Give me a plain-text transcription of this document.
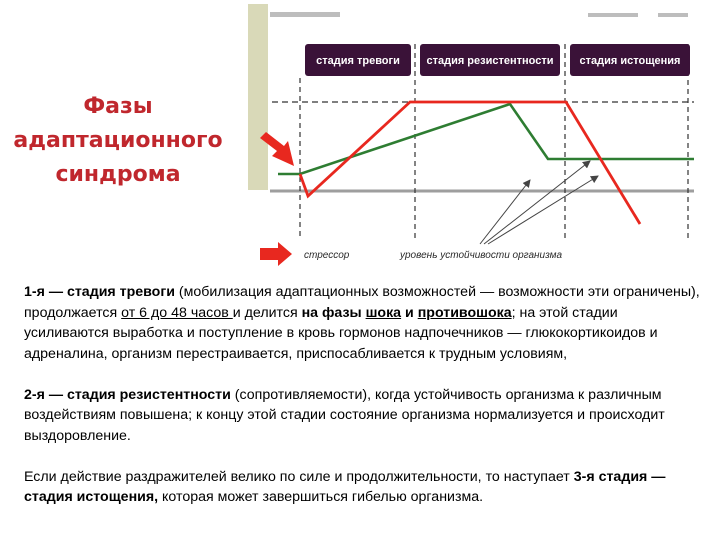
Фазы
адаптационного
синдрома
стадия тревоги стадия резистентности стадия истощения
стрессор	уровень устойчивости организма

1-я — стадия тревоги (мобилизация адаптационных возможностей — возможности эти ограничены), продолжается от 6 до 48 часов и делится на фазы шока и противошока; на этой стадии усиливаются выработка и поступление в кровь гормонов надпочечников — глюкокортикоидов и адреналина, организм перестраивается, приспосабливается к трудным условиям,

2-я — стадия резистентности (сопротивляемости), когда устойчивость организма к различным воздействиям повышена; к концу этой стадии состояние организма нормализуется и происходит выздоровление.

Если действие раздражителей велико по силе и продолжительности, то наступает 3-я стадия — стадия истощения, которая может завершиться гибелью организма.
